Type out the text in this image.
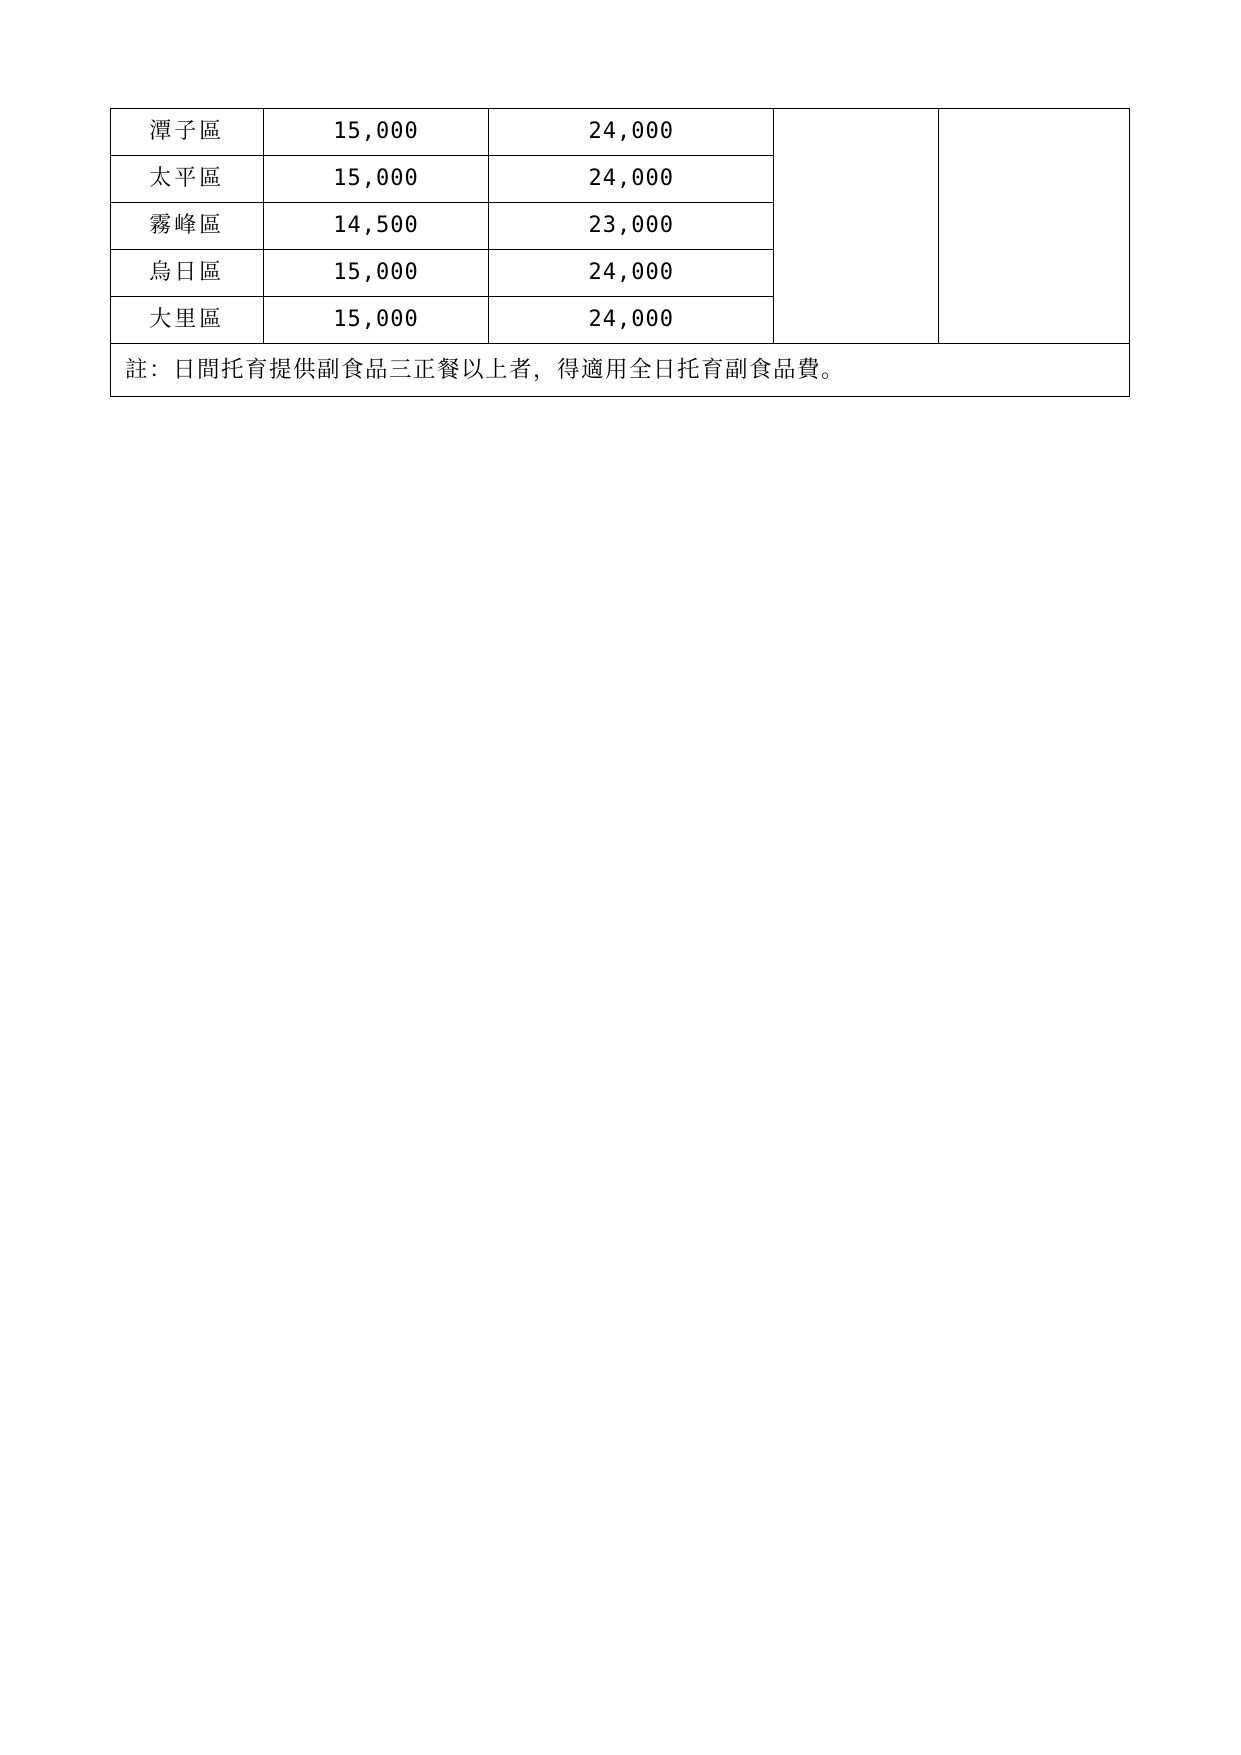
潭子區	15,000	24,000		
太平區	15,000	24,000		
霧峰區	14,500	23,000		
烏日區	15,000	24,000		
大里區	15,000	24,000		
註：日間托育提供副食品三正餐以上者，得適用全日托育副食品費。				
